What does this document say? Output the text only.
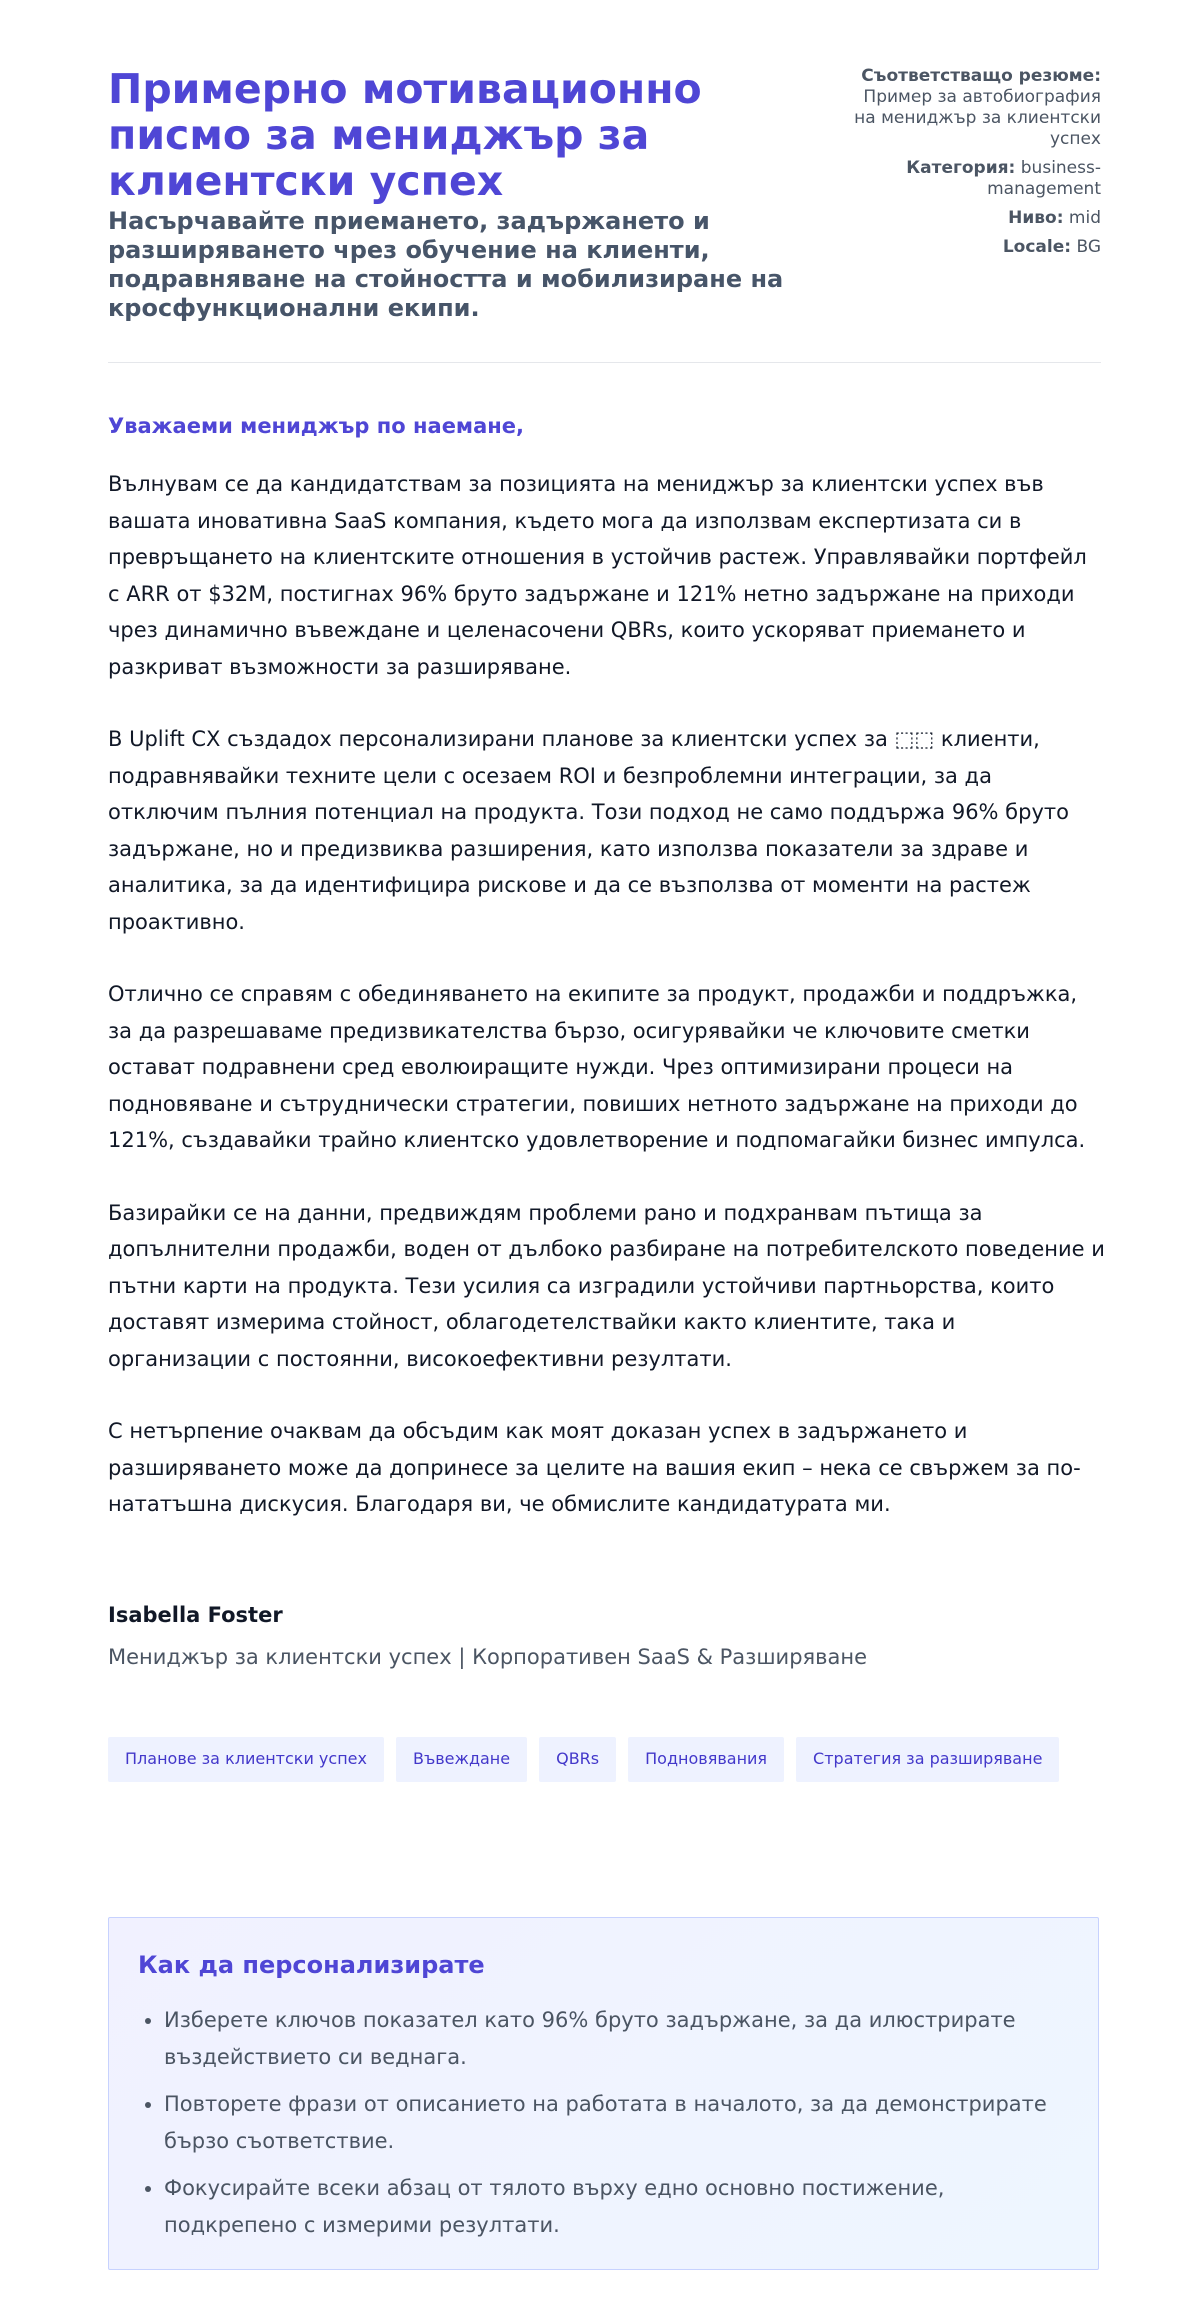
Примерно мотивационно писмо за мениджър за клиентски успех
Насърчавайте приемането, задържането и разширяването чрез обучение на клиенти, подравняване на стойността и мобилизиране на кросфункционални екипи.
Съответстващо резюме: Пример за автобиография на мениджър за клиентски успех
Категория: business-management
Ниво: mid
Locale: BG
Уважаеми мениджър по наемане,

Вълнувам се да кандидатствам за позицията на мениджър за клиентски успех във вашата иновативна SaaS компания, където мога да използвам експертизата си в превръщането на клиентските отношения в устойчив растеж. Управлявайки портфейл с ARR от $32M, постигнах 96% бруто задържане и 121% нетно задържане на приходи чрез динамично въвеждане и целенасочени QBRs, които ускоряват приемането и разкриват възможности за разширяване.

В Uplift CX създадох персонализирани планове за клиентски успех за ⬚⬚ клиенти, подравнявайки техните цели с осезаем ROI и безпроблемни интеграции, за да отключим пълния потенциал на продукта. Този подход не само поддържа 96% бруто задържане, но и предизвиква разширения, като използва показатели за здраве и аналитика, за да идентифицира рискове и да се възползва от моменти на растеж проактивно.

Отлично се справям с обединяването на екипите за продукт, продажби и поддръжка, за да разрешаваме предизвикателства бързо, осигурявайки че ключовите сметки остават подравнени сред еволюиращите нужди. Чрез оптимизирани процеси на подновяване и сътруднически стратегии, повиших нетното задържане на приходи до 121%, създавайки трайно клиентско удовлетворение и подпомагайки бизнес импулса.

Базирайки се на данни, предвиждям проблеми рано и подхранвам пътища за допълнителни продажби, воден от дълбоко разбиране на потребителското поведение и пътни карти на продукта. Тези усилия са изградили устойчиви партньорства, които доставят измерима стойност, облагодетелствайки както клиентите, така и организации с постоянни, високоефективни резултати.

С нетърпение очаквам да обсъдим как моят доказан успех в задържането и разширяването може да допринесе за целите на вашия екип – нека се свържем за по-нататъшна дискусия. Благодаря ви, че обмислите кандидатурата ми.

Isabella Foster

Мениджър за клиентски успех | Корпоративен SaaS & Разширяване

Планове за клиентски успех	Въвеждане	QBRs	Подновявания	Стратегия за разширяване
Как да персонализирате
• Изберете ключов показател като 96% бруто задържане, за да илюстрирате въздействието си веднага.
• Повторете фрази от описанието на работата в началото, за да демонстрирате бързо съответствие.
• Фокусирайте всеки абзац от тялото върху едно основно постижение, подкрепено с измерими резултати.
